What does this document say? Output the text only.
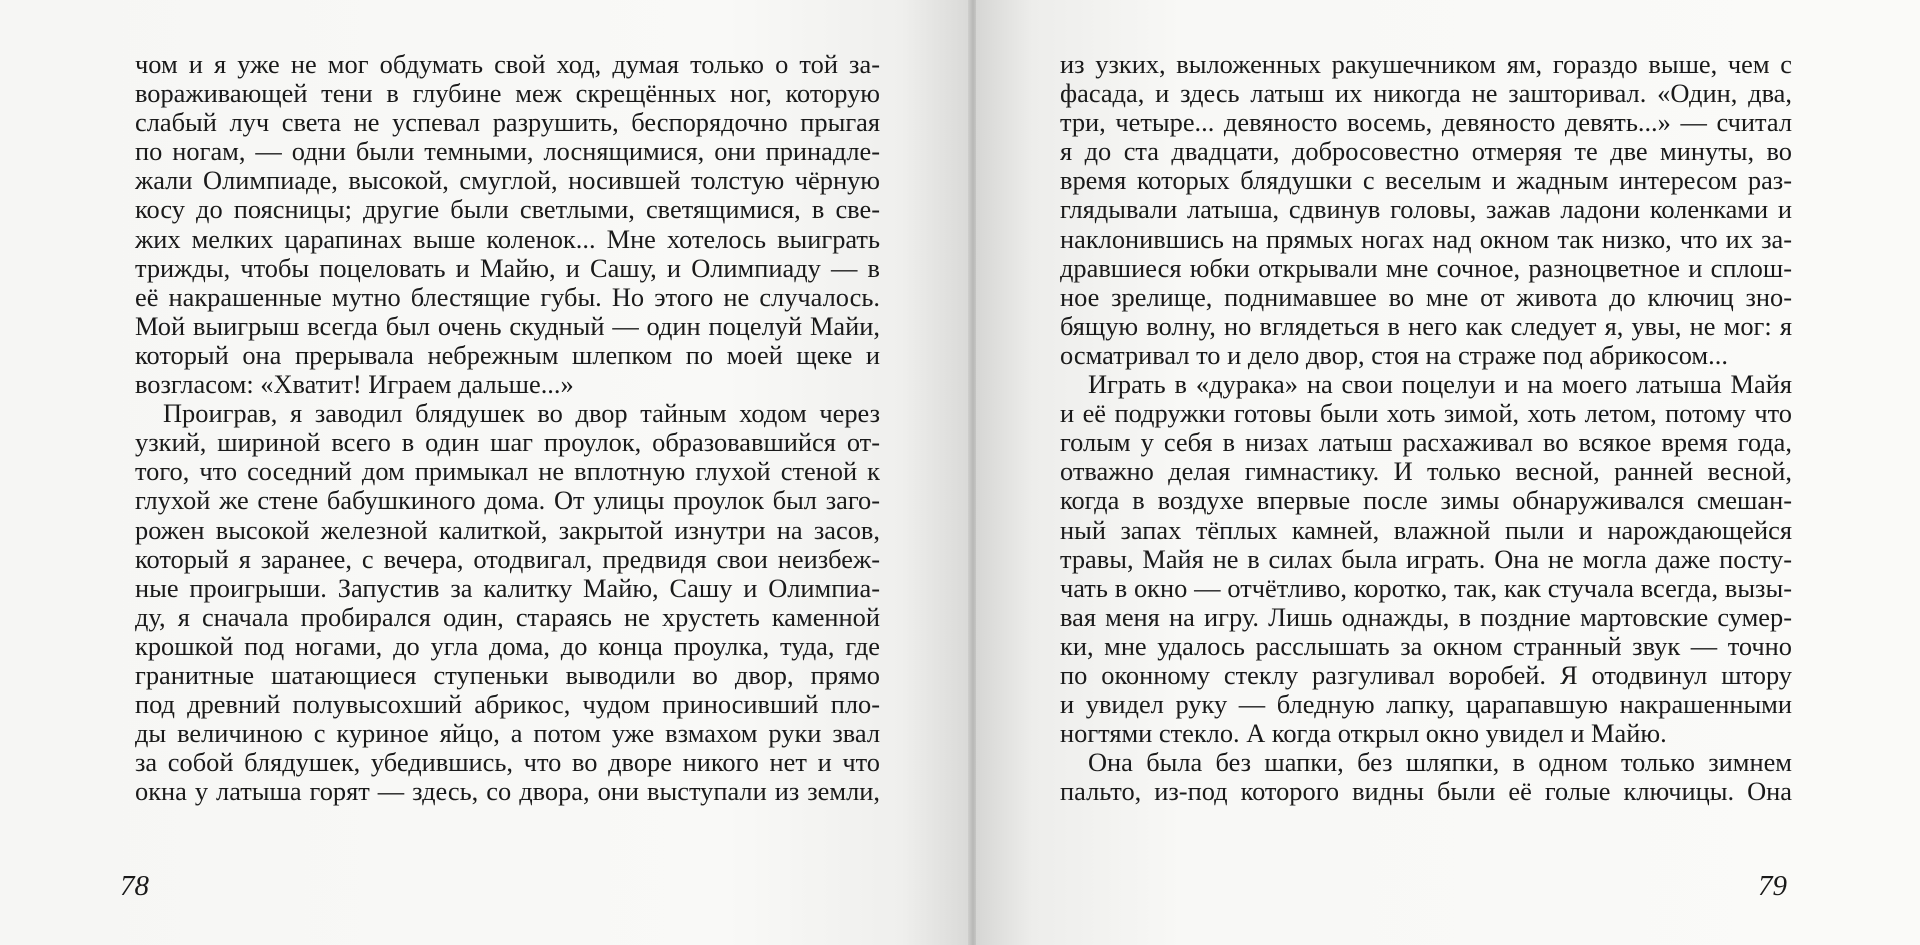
чом и я уже не мог обдумать свой ход, думая только о той за-
вораживающей тени в глубине меж скрещённых ног, которую
слабый луч света не успевал разрушить, беспорядочно прыгая
по ногам, — одни были темными, лоснящимися, они принадле-
жали Олимпиаде, высокой, смуглой, носившей толстую чёрную
косу до поясницы; другие были светлыми, светящимися, в све-
жих мелких царапинах выше коленок... Мне хотелось выиграть
трижды, чтобы поцеловать и Майю, и Сашу, и Олимпиаду — в
её накрашенные мутно блестящие губы. Но этого не случалось.
Мой выигрыш всегда был очень скудный — один поцелуй Майи,
который она прерывала небрежным шлепком по моей щеке и
возгласом: «Хватит! Играем дальше...»
Проиграв, я заводил блядушек во двор тайным ходом через
узкий, шириной всего в один шаг проулок, образовавшийся от-
того, что соседний дом примыкал не вплотную глухой стеной к
глухой же стене бабушкиного дома. От улицы проулок был заго-
рожен высокой железной калиткой, закрытой изнутри на засов,
который я заранее, с вечера, отодвигал, предвидя свои неизбеж-
ные проигрыши. Запустив за калитку Майю, Сашу и Олимпиа-
ду, я сначала пробирался один, стараясь не хрустеть каменной
крошкой под ногами, до угла дома, до конца проулка, туда, где
гранитные шатающиеся ступеньки выводили во двор, прямо
под древний полувысохший абрикос, чудом приносивший пло-
ды величиною с куриное яйцо, а потом уже взмахом руки звал
за собой блядушек, убедившись, что во дворе никого нет и что
окна у латыша горят — здесь, со двора, они выступали из земли,
78
из узких, выложенных ракушечником ям, гораздо выше, чем с
фасада, и здесь латыш их никогда не зашторивал. «Один, два,
три, четыре... девяносто восемь, девяносто девять...» — считал
я до ста двадцати, добросовестно отмеряя те две минуты, во
время которых блядушки с веселым и жадным интересом раз-
глядывали латыша, сдвинув головы, зажав ладони коленками и
наклонившись на прямых ногах над окном так низко, что их за-
дравшиеся юбки открывали мне сочное, разноцветное и сплош-
ное зрелище, поднимавшее во мне от живота до ключиц зно-
бящую волну, но вглядеться в него как следует я, увы, не мог: я
осматривал то и дело двор, стоя на страже под абрикосом...
Играть в «дурака» на свои поцелуи и на моего латыша Майя
и её подружки готовы были хоть зимой, хоть летом, потому что
голым у себя в низах латыш расхаживал во всякое время года,
отважно делая гимнастику. И только весной, ранней весной,
когда в воздухе впервые после зимы обнаруживался смешан-
ный запах тёплых камней, влажной пыли и нарождающейся
травы, Майя не в силах была играть. Она не могла даже посту-
чать в окно — отчётливо, коротко, так, как стучала всегда, вызы-
вая меня на игру. Лишь однажды, в поздние мартовские сумер-
ки, мне удалось расслышать за окном странный звук — точно
по оконному стеклу разгуливал воробей. Я отодвинул штору
и увидел руку — бледную лапку, царапавшую накрашенными
ногтями стекло. А когда открыл окно увидел и Майю.
Она была без шапки, без шляпки, в одном только зимнем
пальто, из-под которого видны были её голые ключицы. Она
79
